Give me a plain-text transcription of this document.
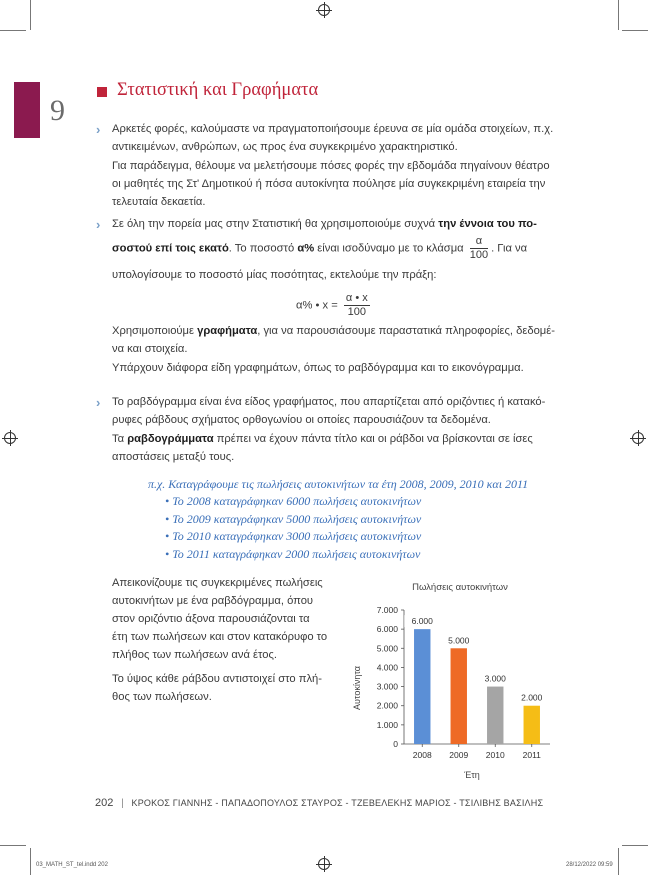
9
Στατιστική και Γραφήματα
› Αρκετές φορές, καλούμαστε να πραγματοποιήσουμε έρευνα σε μία ομάδα στοιχείων, π.χ.
αντικειμένων, ανθρώπων, ως προς ένα συγκεκριμένο χαρακτηριστικό.
Για παράδειγμα, θέλουμε να μελετήσουμε πόσες φορές την εβδομάδα πηγαίνουν θέατρο
οι μαθητές της Στ' Δημοτικού ή πόσα αυτοκίνητα πούλησε μία συγκεκριμένη εταιρεία την
τελευταία δεκαετία.
› Σε όλη την πορεία μας στην Στατιστική θα χρησιμοποιούμε συχνά την έννοια του πο-
σοστού επί τοις εκατό. Το ποσοστό α% είναι ισοδύναμο με το κλάσμα $\frac{\alpha}{100}$ . Για να
υπολογίσουμε το ποσοστό μίας ποσότητας, εκτελούμε την πράξη:
α% • $x = \frac{\alpha • x}{100}$
Χρησιμοποιούμε γραφήματα, για να παρουσιάσουμε παραστατικά πληροφορίες, δεδομέ-
να και στοιχεία.
Υπάρχουν διάφορα είδη γραφημάτων, όπως το ραβδόγραμμα και το εικονόγραμμα.
› Το ραβδόγραμμα είναι ένα είδος γραφήματος, που απαρτίζεται από οριζόντιες ή κατακό-
ρυφες ράβδους σχήματος ορθογωνίου οι οποίες παρουσιάζουν τα δεδομένα.
Τα ραβδογράμματα πρέπει να έχουν πάντα τίτλο και οι ράβδοι να βρίσκονται σε ίσες
αποστάσεις μεταξύ τους.
π.χ. Καταγράφουμε τις πωλήσεις αυτοκινήτων τα έτη 2008, 2009, 2010 και 2011
• Το 2008 καταγράφηκαν 6000 πωλήσεις αυτοκινήτων
• Το 2009 καταγράφηκαν 5000 πωλήσεις αυτοκινήτων
• Το 2010 καταγράφηκαν 3000 πωλήσεις αυτοκινήτων
• Το 2011 καταγράφηκαν 2000 πωλήσεις αυτοκινήτων
Απεικονίζουμε τις συγκεκριμένες πωλήσεις
αυτοκινήτων με ένα ραβδόγραμμα, όπου
στον οριζόντιο άξονα παρουσιάζονται τα
έτη των πωλήσεων και στον κατακόρυφο το
πλήθος των πωλήσεων ανά έτος.
Το ύψος κάθε ράβδου αντιστοιχεί στο πλή-
θος των πωλήσεων.
Πωλήσεις αυτοκινήτων
Αυτοκίνητα
Έτη
0
1.000
2.000
3.000
4.000
5.000
6.000
7.000
6.000
2008
5.000
2009
3.000
2010
2.000
2011
202 | ΚΡΟΚΟΣ ΓΙΑΝΝΗΣ - ΠΑΠΑΔΟΠΟΥΛΟΣ ΣΤΑΥΡΟΣ - ΤΖΕΒΕΛΕΚΗΣ ΜΑΡΙΟΣ - ΤΣΙΛΙΒΗΣ ΒΑΣΙΛΗΣ
03_MATH_ST_tel.indd 202	28/12/2022 09:59
